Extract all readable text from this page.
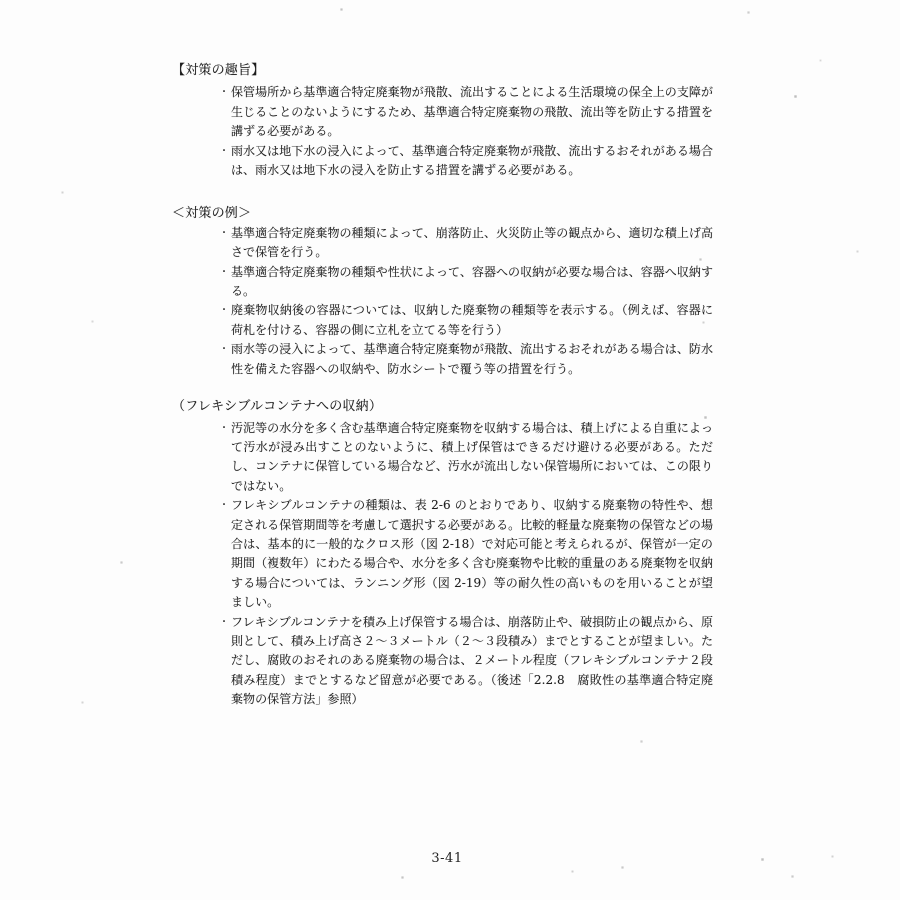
【対策の趣旨】
・ 保管場所から基準適合特定廃棄物が飛散、流出することによる生活環境の保全上の支障が生じることのないようにするため、基準適合特定廃棄物の飛散、流出等を防止する措置を講ずる必要がある。

・ 雨水又は地下水の浸入によって、基準適合特定廃棄物が飛散、流出するおそれがある場合は、雨水又は地下水の浸入を防止する措置を講ずる必要がある。

＜対策の例＞
・ 基準適合特定廃棄物の種類によって、崩落防止、火災防止等の観点から、適切な積上げ高さで保管を行う。

・ 基準適合特定廃棄物の種類や性状によって、容器への収納が必要な場合は、容器へ収納する。

・ 廃棄物収納後の容器については、収納した廃棄物の種類等を表示する。（例えば、容器に荷札を付ける、容器の側に立札を立てる等を行う）

・ 雨水等の浸入によって、基準適合特定廃棄物が飛散、流出するおそれがある場合は、防水性を備えた容器への収納や、防水シートで覆う等の措置を行う。

（フレキシブルコンテナへの収納）
・ 汚泥等の水分を多く含む基準適合特定廃棄物を収納する場合は、積上げによる自重によって汚水が浸み出すことのないように、積上げ保管はできるだけ避ける必要がある。ただし、コンテナに保管している場合など、汚水が流出しない保管場所においては、この限りではない。

・ フレキシブルコンテナの種類は、表 2-6 のとおりであり、収納する廃棄物の特性や、想定される保管期間等を考慮して選択する必要がある。比較的軽量な廃棄物の保管などの場合は、基本的に一般的なクロス形（図 2-18）で対応可能と考えられるが、保管が一定の期間（複数年）にわたる場合や、水分を多く含む廃棄物や比較的重量のある廃棄物を収納する場合については、ランニング形（図 2-19）等の耐久性の高いものを用いることが望ましい。

・ フレキシブルコンテナを積み上げ保管する場合は、崩落防止や、破損防止の観点から、原則として、積み上げ高さ２～３メートル（２～３段積み）までとすることが望ましい。ただし、腐敗のおそれのある廃棄物の場合は、２メートル程度（フレキシブルコンテナ２段積み程度）までとするなど留意が必要である。（後述「2.2.8　腐敗性の基準適合特定廃棄物の保管方法」参照）

3-41
